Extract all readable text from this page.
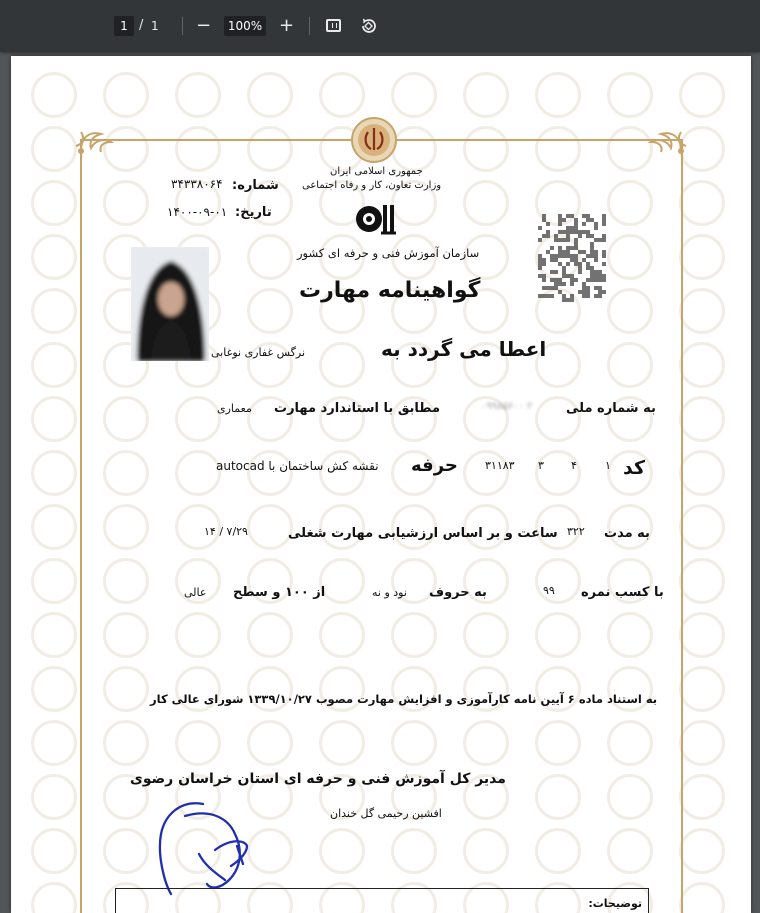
1 / 1 −	100% +
جمهوری اسلامی ایران
وزارت تعاون، کار و رفاه اجتماعی
شماره:
۳۴۳۳۸۰۶۴
تاریخ:
۱۴۰۰-۰۹-۰۱
سازمان آموزش فنی و حرفه ای کشور
گواهینامه مهارت
اعطا می گردد به
نرگس غفاری نوغابی
به شماره ملی
۰۹۹۸۵۶۰۰ ۲
مطابق با استاندارد مهارت
معماری
کد
۱
۴
۳
۳۱۱۸۳
حرفه
نقشه کش ساختمان با autocad
به مدت
۳۲۲
ساعت و بر اساس ارزشیابی مهارت شغلی
۷/۲۹ / ۱۴
با کسب نمره
۹۹
به حروف
نود و نه
از ۱۰۰ و سطح
عالی
به استناد ماده ۶ آیین نامه کارآموزی و افزایش مهارت مصوب ۱۳۳۹/۱۰/۲۷ شورای عالی کار
مدیر کل آموزش فنی و حرفه ای استان خراسان رضوی
افشین رحیمی گل خندان
توضیحات:
